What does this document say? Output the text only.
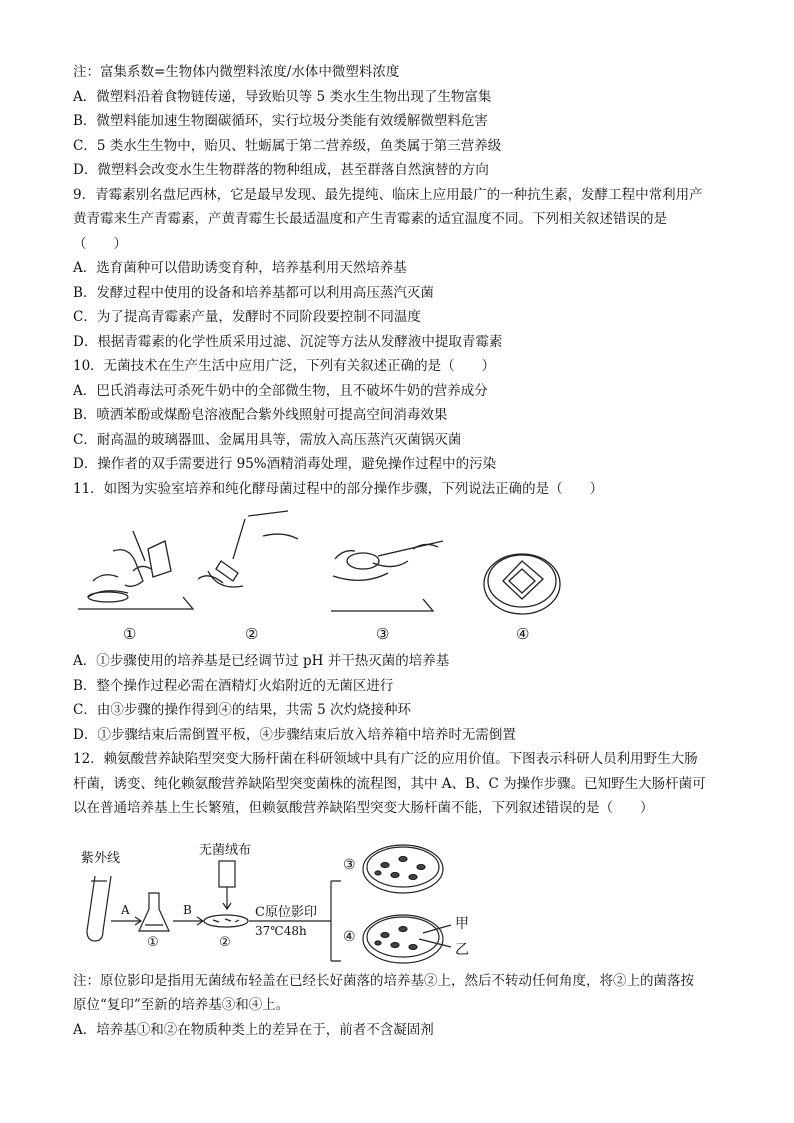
注：富集系数=生物体内微塑料浓度/水体中微塑料浓度

A．微塑料沿着食物链传递，导致贻贝等 5 类水生生物出现了生物富集

B．微塑料能加速生物圈碳循环，实行垃圾分类能有效缓解微塑料危害

C．5 类水生生物中，贻贝、牡蛎属于第二营养级，鱼类属于第三营养级

D．微塑料会改变水生生物群落的物种组成，甚至群落自然演替的方向

9．青霉素别名盘尼西林，它是最早发现、最先提纯、临床上应用最广的一种抗生素，发酵工程中常利用产

黄青霉来生产青霉素，产黄青霉生长最适温度和产生青霉素的适宜温度不同。下列相关叙述错误的是

（　　）

A．选育菌种可以借助诱变育种，培养基利用天然培养基

B．发酵过程中使用的设备和培养基都可以利用高压蒸汽灭菌

C．为了提高青霉素产量，发酵时不同阶段要控制不同温度

D．根据青霉素的化学性质采用过滤、沉淀等方法从发酵液中提取青霉素

10．无菌技术在生产生活中应用广泛，下列有关叙述正确的是（　　）

A．巴氏消毒法可杀死牛奶中的全部微生物，且不破坏牛奶的营养成分

B．喷洒苯酚或煤酚皂溶液配合紫外线照射可提高空间消毒效果

C．耐高温的玻璃器皿、金属用具等，需放入高压蒸汽灭菌锅灭菌

D．操作者的双手需要进行 95%酒精消毒处理，避免操作过程中的污染

11．如图为实验室培养和纯化酵母菌过程中的部分操作步骤，下列说法正确的是（　　）

①	②	③	④

A．①步骤使用的培养基是已经调节过 pH 并干热灭菌的培养基

B．整个操作过程必需在酒精灯火焰附近的无菌区进行

C．由③步骤的操作得到④的结果，共需 5 次灼烧接种环

D．①步骤结束后需倒置平板，④步骤结束后放入培养箱中培养时无需倒置

12．赖氨酸营养缺陷型突变大肠杆菌在科研领域中具有广泛的应用价值。下图表示科研人员利用野生大肠

杆菌，诱变、纯化赖氨酸营养缺陷型突变菌株的流程图，其中 A、B、C 为操作步骤。已知野生大肠杆菌可

以在普通培养基上生长繁殖，但赖氨酸营养缺陷型突变大肠杆菌不能，下列叙述错误的是（　　）

紫外线
无菌绒布
A	B	C原位影印
37℃48h
①	②
③
④
甲
乙

注：原位影印是指用无菌绒布轻盖在已经长好菌落的培养基②上，然后不转动任何角度，将②上的菌落按

原位“复印”至新的培养基③和④上。

A．培养基①和②在物质种类上的差异在于，前者不含凝固剂
